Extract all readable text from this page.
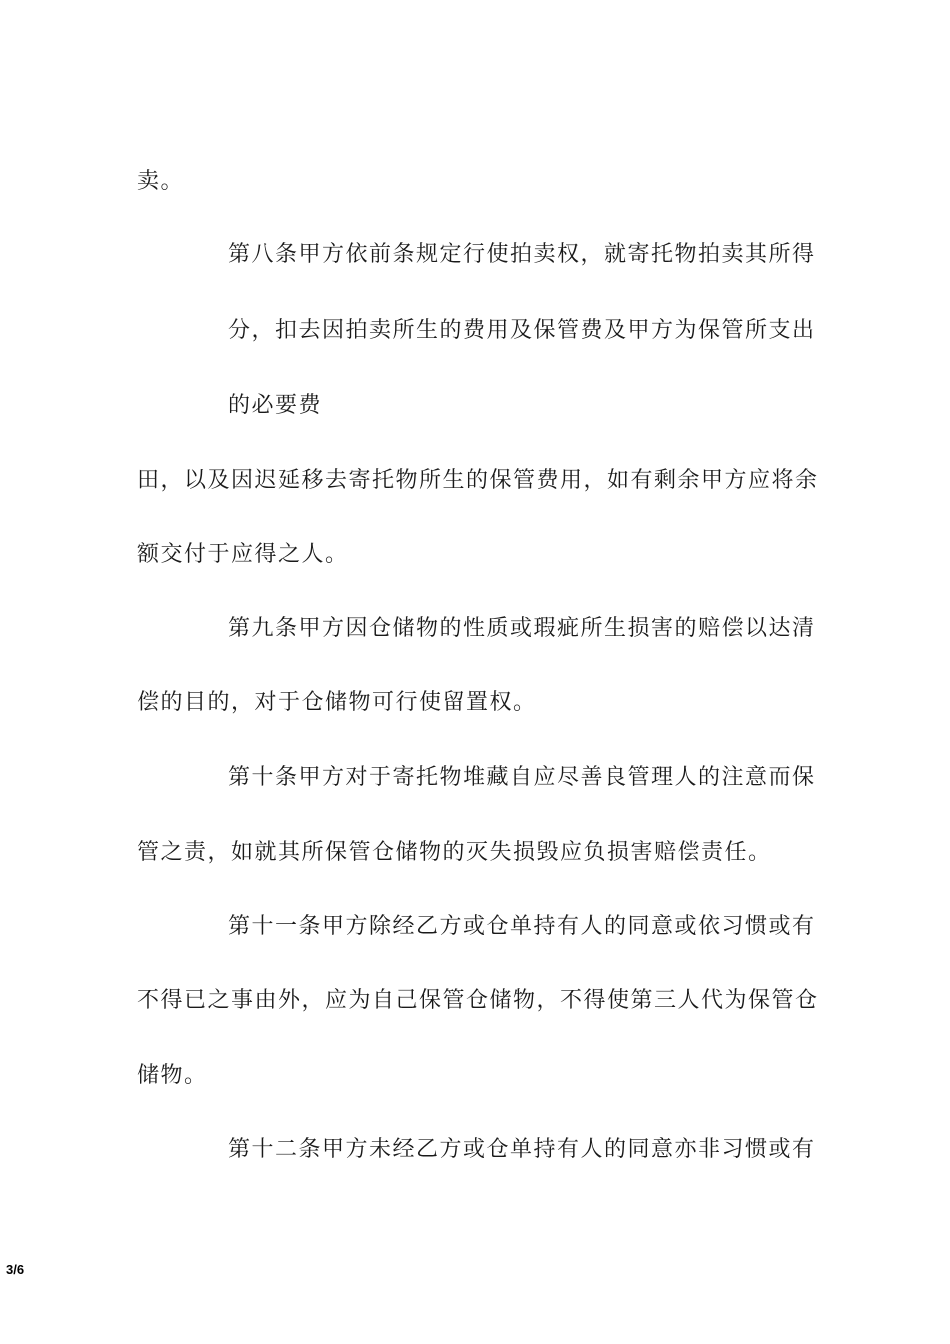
卖。
第八条甲方依前条规定行使拍卖权，就寄托物拍卖其所得
分，扣去因拍卖所生的费用及保管费及甲方为保管所支出
的必要费
田，以及因迟延移去寄托物所生的保管费用，如有剩余甲方应将余
额交付于应得之人。
第九条甲方因仓储物的性质或瑕疵所生损害的赔偿以达清
偿的目的，对于仓储物可行使留置权。
第十条甲方对于寄托物堆藏自应尽善良管理人的注意而保
管之责，如就其所保管仓储物的灭失损毁应负损害赔偿责任。
第十一条甲方除经乙方或仓单持有人的同意或依习惯或有
不得已之事由外，应为自己保管仓储物，不得使第三人代为保管仓
储物。
第十二条甲方未经乙方或仓单持有人的同意亦非习惯或有
3/6
